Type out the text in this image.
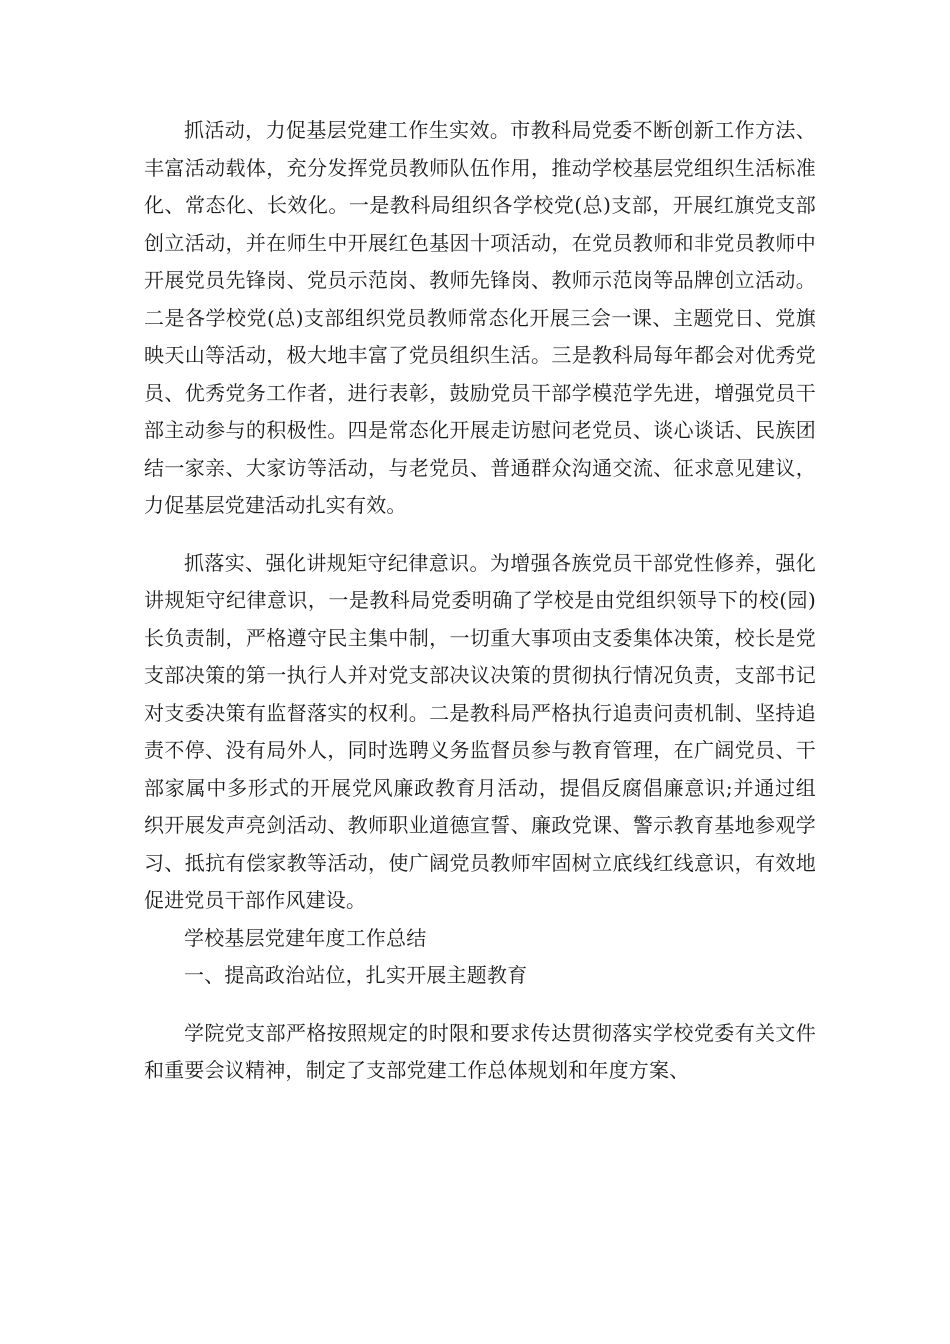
抓活动，力促基层党建工作生实效。市教科局党委不断创新工作方法、丰富活动载体，充分发挥党员教师队伍作用，推动学校基层党组织生活标准化、常态化、长效化。一是教科局组织各学校党(总)支部，开展红旗党支部创立活动，并在师生中开展红色基因十项活动，在党员教师和非党员教师中开展党员先锋岗、党员示范岗、教师先锋岗、教师示范岗等品牌创立活动。二是各学校党(总)支部组织党员教师常态化开展三会一课、主题党日、党旗映天山等活动，极大地丰富了党员组织生活。三是教科局每年都会对优秀党员、优秀党务工作者，进行表彰，鼓励党员干部学模范学先进，增强党员干部主动参与的积极性。四是常态化开展走访慰问老党员、谈心谈话、民族团结一家亲、大家访等活动，与老党员、普通群众沟通交流、征求意见建议，力促基层党建活动扎实有效。

抓落实、强化讲规矩守纪律意识。为增强各族党员干部党性修养，强化讲规矩守纪律意识，一是教科局党委明确了学校是由党组织领导下的校(园)长负责制，严格遵守民主集中制，一切重大事项由支委集体决策，校长是党支部决策的第一执行人并对党支部决议决策的贯彻执行情况负责，支部书记对支委决策有监督落实的权利。二是教科局严格执行追责问责机制、坚持追责不停、没有局外人，同时选聘义务监督员参与教育管理，在广阔党员、干部家属中多形式的开展党风廉政教育月活动，提倡反腐倡廉意识;并通过组织开展发声亮剑活动、教师职业道德宣誓、廉政党课、警示教育基地参观学习、抵抗有偿家教等活动，使广阔党员教师牢固树立底线红线意识，有效地促进党员干部作风建设。

学校基层党建年度工作总结

一、提高政治站位，扎实开展主题教育

学院党支部严格按照规定的时限和要求传达贯彻落实学校党委有关文件和重要会议精神，制定了支部党建工作总体规划和年度方案、
